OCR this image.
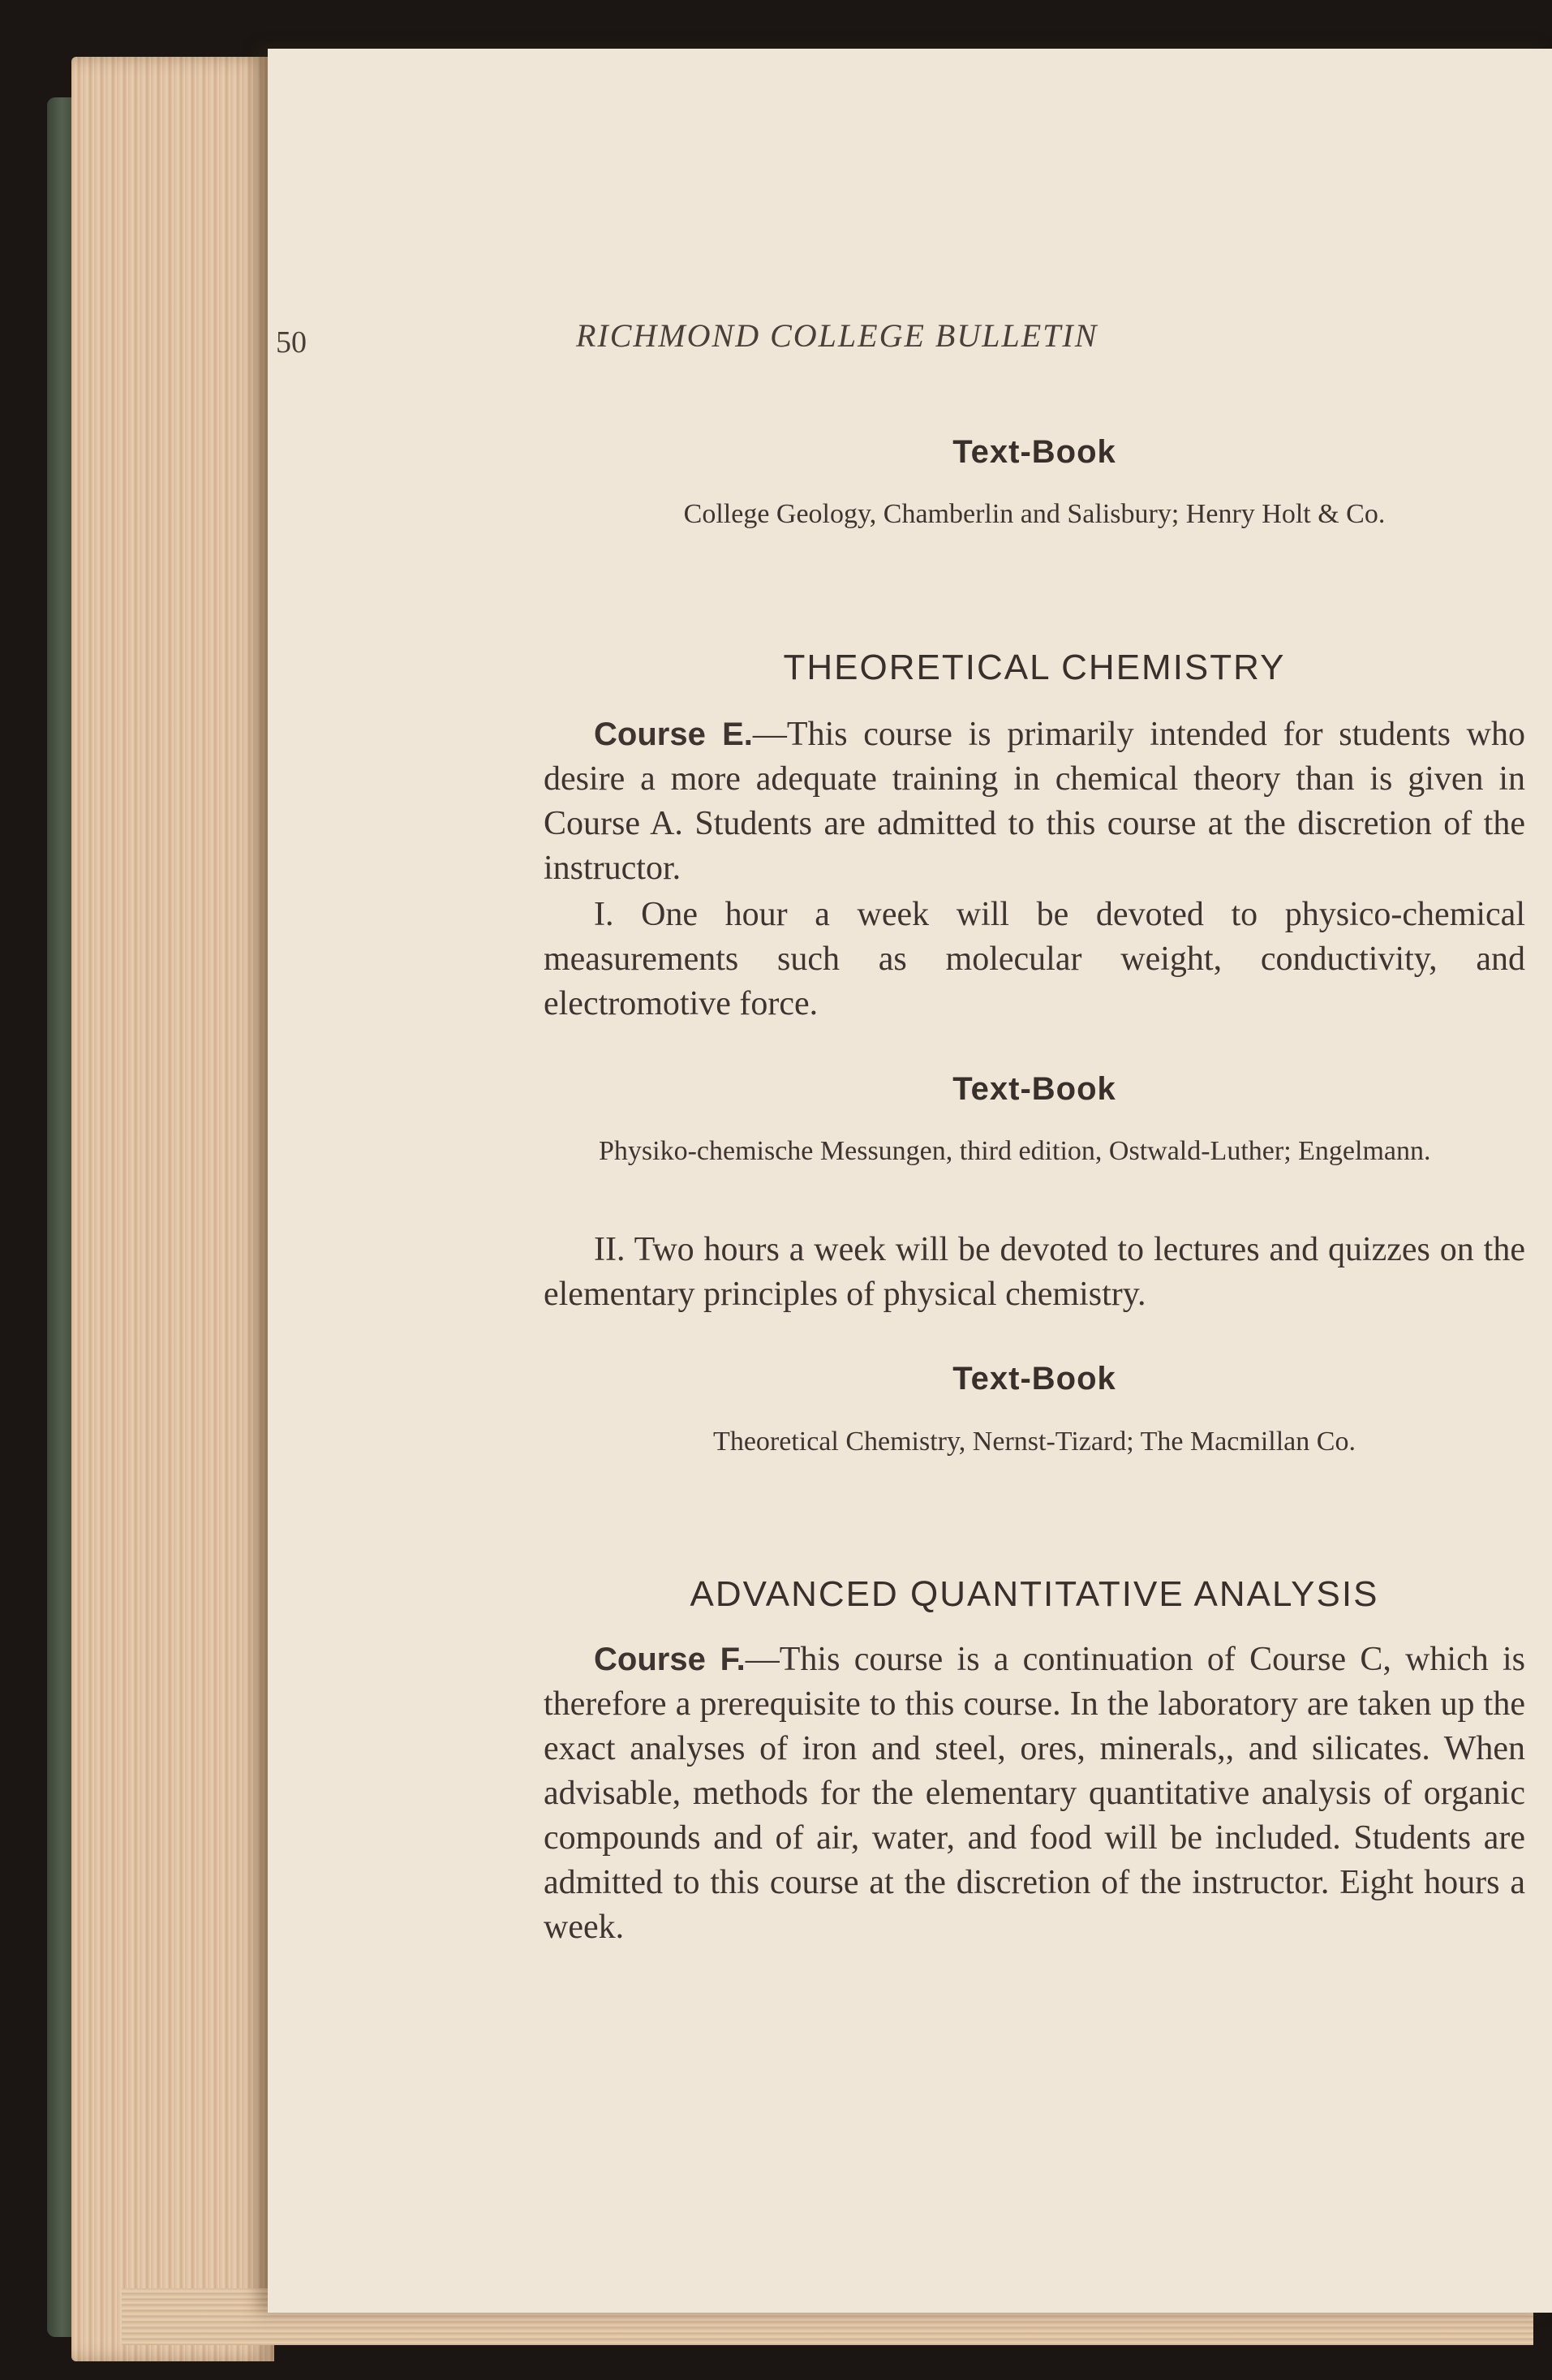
50	RICHMOND COLLEGE BULLETIN
Text-Book
College Geology, Chamberlin and Salisbury; Henry Holt & Co.
THEORETICAL CHEMISTRY
Course E.—This course is primarily intended for students who desire a more adequate training in chemical theory than is given in Course A. Students are admitted to this course at the discretion of the instructor.
I. One hour a week will be devoted to physico-chemical measurements such as molecular weight, conductivity, and electromotive force.
Text-Book
Physiko-chemische Messungen, third edition, Ostwald-Luther; Engelmann.
II. Two hours a week will be devoted to lectures and quizzes on the elementary principles of physical chemistry.
Text-Book
Theoretical Chemistry, Nernst-Tizard; The Macmillan Co.
ADVANCED QUANTITATIVE ANALYSIS
Course F.—This course is a continuation of Course C, which is therefore a prerequisite to this course. In the laboratory are taken up the exact analyses of iron and steel, ores, minerals,, and silicates. When advisable, methods for the elementary quantitative analysis of organic compounds and of air, water, and food will be included. Students are admitted to this course at the discretion of the instructor. Eight hours a week.
